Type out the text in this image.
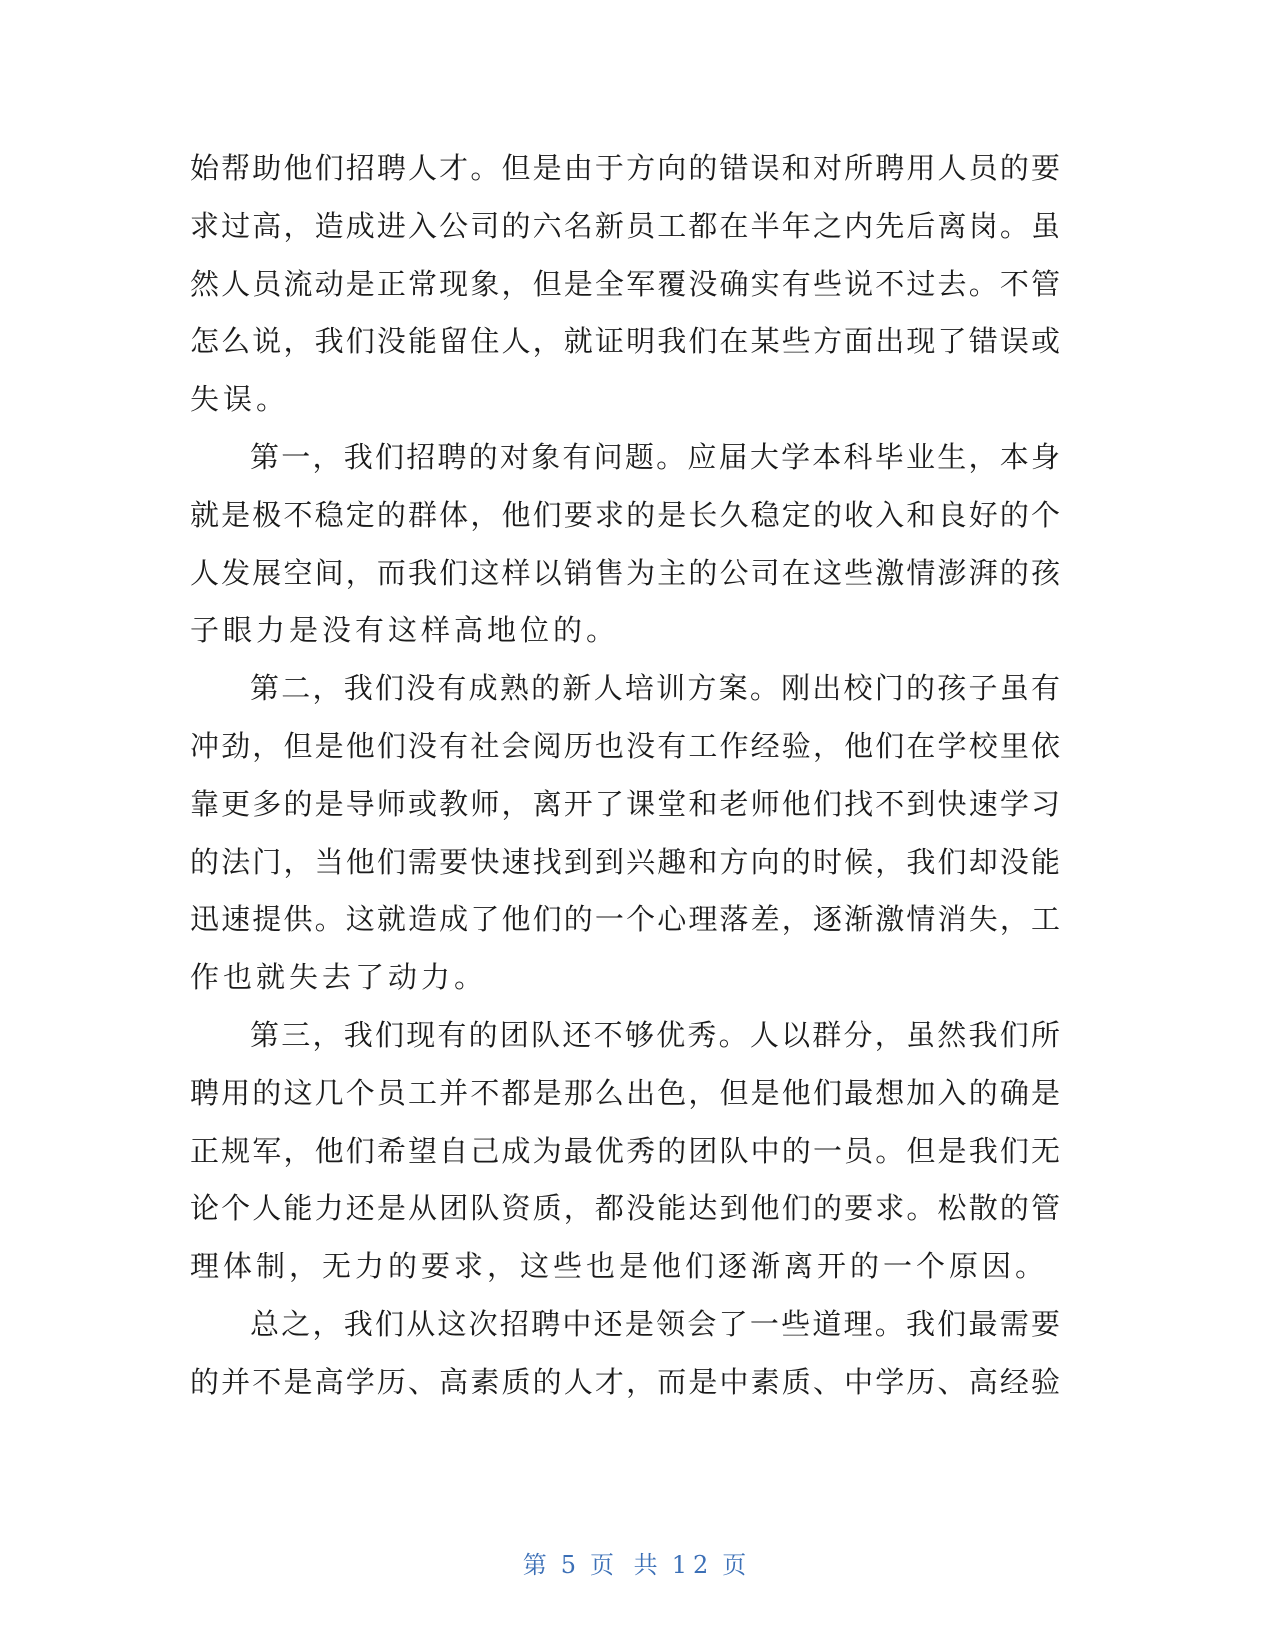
始帮助他们招聘人才。但是由于方向的错误和对所聘用人员的要
求过高，造成进入公司的六名新员工都在半年之内先后离岗。虽
然人员流动是正常现象，但是全军覆没确实有些说不过去。不管
怎么说，我们没能留住人，就证明我们在某些方面出现了错误或
失误。
第一，我们招聘的对象有问题。应届大学本科毕业生，本身
就是极不稳定的群体，他们要求的是长久稳定的收入和良好的个
人发展空间，而我们这样以销售为主的公司在这些激情澎湃的孩
子眼力是没有这样高地位的。
第二，我们没有成熟的新人培训方案。刚出校门的孩子虽有
冲劲，但是他们没有社会阅历也没有工作经验，他们在学校里依
靠更多的是导师或教师，离开了课堂和老师他们找不到快速学习
的法门，当他们需要快速找到到兴趣和方向的时候，我们却没能
迅速提供。这就造成了他们的一个心理落差，逐渐激情消失，工
作也就失去了动力。
第三，我们现有的团队还不够优秀。人以群分，虽然我们所
聘用的这几个员工并不都是那么出色，但是他们最想加入的确是
正规军，他们希望自己成为最优秀的团队中的一员。但是我们无
论个人能力还是从团队资质，都没能达到他们的要求。松散的管
理体制，无力的要求，这些也是他们逐渐离开的一个原因。
总之，我们从这次招聘中还是领会了一些道理。我们最需要
的并不是高学历、高素质的人才，而是中素质、中学历、高经验
第 5 页 共 12 页
